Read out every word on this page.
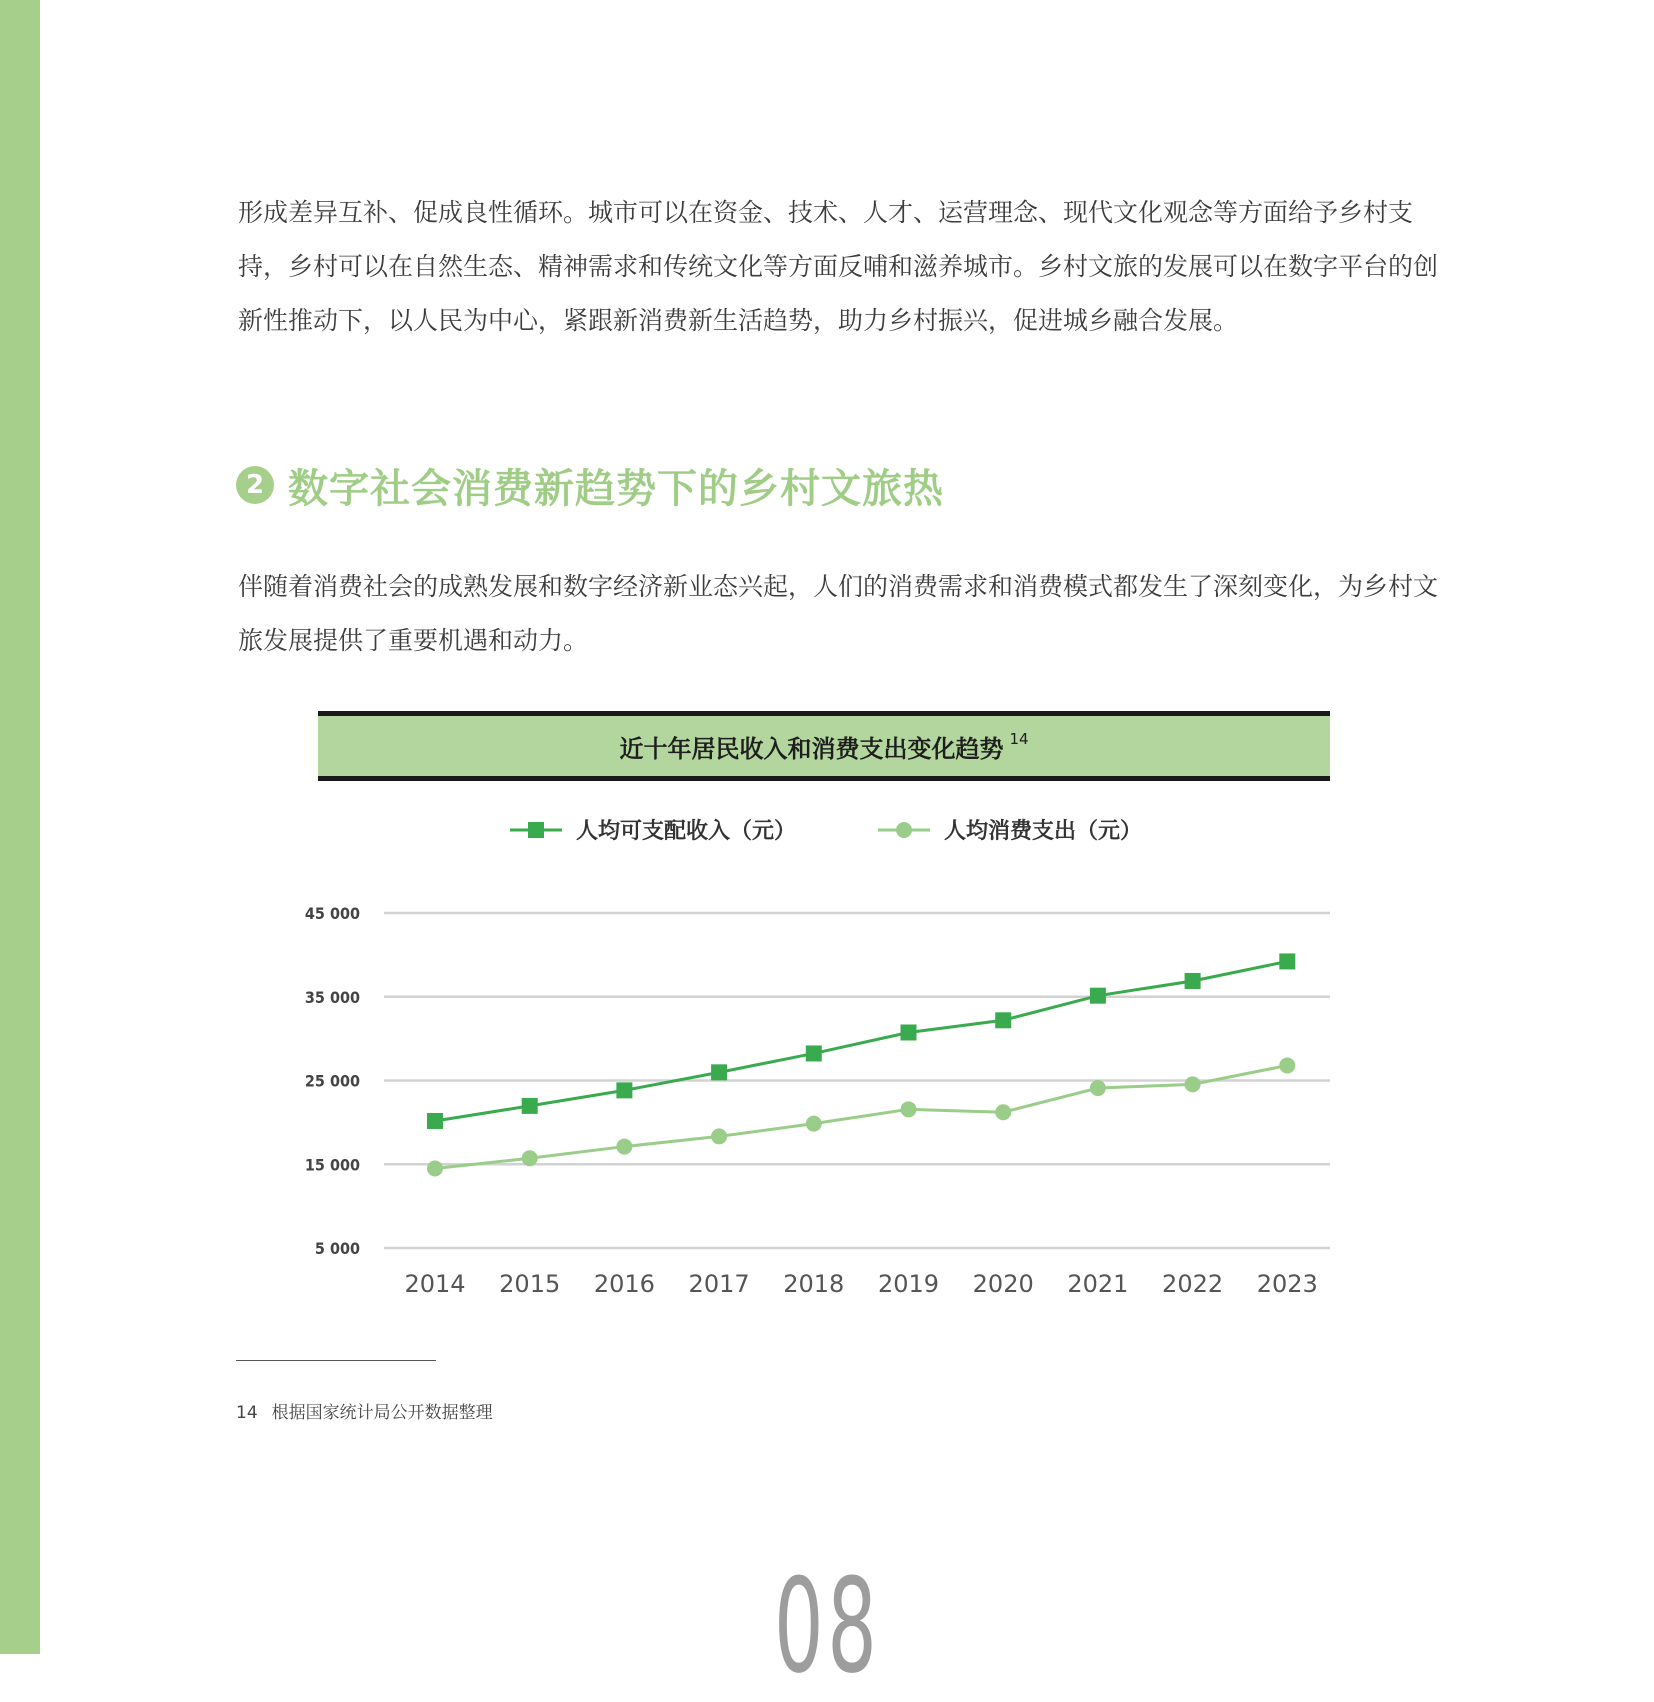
形成差异互补、促成良性循环。城市可以在资金、技术、人才、运营理念、现代文化观念等方面给予乡村支持，乡村可以在自然生态、精神需求和传统文化等方面反哺和滋养城市。乡村文旅的发展可以在数字平台的创新性推动下，以人民为中心，紧跟新消费新生活趋势，助力乡村振兴，促进城乡融合发展。

2 数字社会消费新趋势下的乡村文旅热

伴随着消费社会的成熟发展和数字经济新业态兴起，人们的消费需求和消费模式都发生了深刻变化，为乡村文旅发展提供了重要机遇和动力。

近十年居民收入和消费支出变化趋势 $^{14}$
45 000
35 000
25 000
15 000
5 000
2014 2015 2016 2017 2018 2019 2020 2021 2022 2023
人均可支配收入（元）	人均消费支出（元）
14 根据国家统计局公开数据整理
08
